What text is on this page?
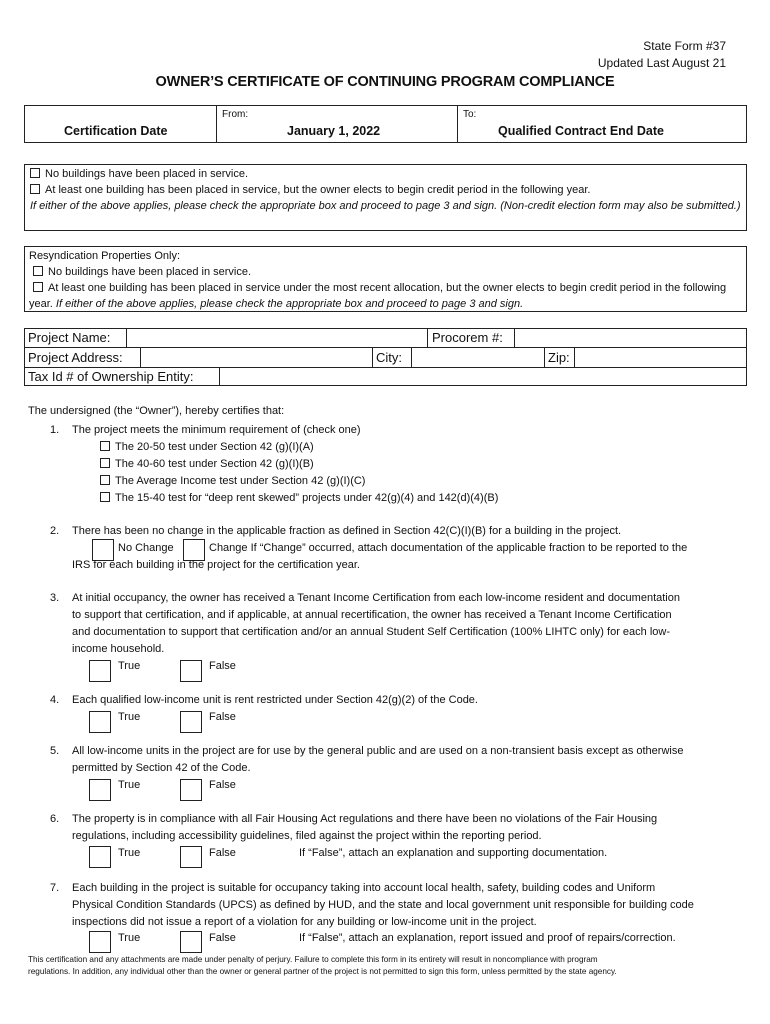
State Form #37
Updated Last August 21
OWNER’S CERTIFICATE OF CONTINUING PROGRAM COMPLIANCE
Certification Date
From:
January 1, 2022
To:
Qualified Contract End Date
No buildings have been placed in service.
At least one building has been placed in service, but the owner elects to begin credit period in the following year.
If either of the above applies, please check the appropriate box and proceed to page 3 and sign. (Non-credit election form may also be submitted.)
Resyndication Properties Only:
No buildings have been placed in service.
At least one building has been placed in service under the most recent allocation, but the owner elects to begin credit period in the following year. If either of the above applies, please check the appropriate box and proceed to page 3 and sign.
Project Name:	Procorem #:
Project Address:	City:	Zip:
Tax Id # of Ownership Entity:
The undersigned (the “Owner”), hereby certifies that:
1. The project meets the minimum requirement of (check one)
The 20-50 test under Section 42 (g)(I)(A)
The 40-60 test under Section 42 (g)(I)(B)
The Average Income test under Section 42 (g)(I)(C)
The 15-40 test for “deep rent skewed” projects under 42(g)(4) and 142(d)(4)(B)
2. There has been no change in the applicable fraction as defined in Section 42(C)(I)(B) for a building in the project.
No Change	Change If “Change” occurred, attach documentation of the applicable fraction to be reported to the
IRS for each building in the project for the certification year.
3. At initial occupancy, the owner has received a Tenant Income Certification from each low-income resident and documentation
to support that certification, and if applicable, at annual recertification, the owner has received a Tenant Income Certification
and documentation to support that certification and/or an annual Student Self Certification (100% LIHTC only) for each low-
income household.
True	False
4. Each qualified low-income unit is rent restricted under Section 42(g)(2) of the Code.
True	False
5. All low-income units in the project are for use by the general public and are used on a non-transient basis except as otherwise
permitted by Section 42 of the Code.
True	False
6. The property is in compliance with all Fair Housing Act regulations and there have been no violations of the Fair Housing
regulations, including accessibility guidelines, filed against the project within the reporting period.
True	False	If “False”, attach an explanation and supporting documentation.
7. Each building in the project is suitable for occupancy taking into account local health, safety, building codes and Uniform
Physical Condition Standards (UPCS) as defined by HUD, and the state and local government unit responsible for building code
inspections did not issue a report of a violation for any building or low-income unit in the project.
True	False	If “False”, attach an explanation, report issued and proof of repairs/correction.
This certification and any attachments are made under penalty of perjury. Failure to complete this form in its entirety will result in noncompliance with program
regulations. In addition, any individual other than the owner or general partner of the project is not permitted to sign this form, unless permitted by the state agency.
